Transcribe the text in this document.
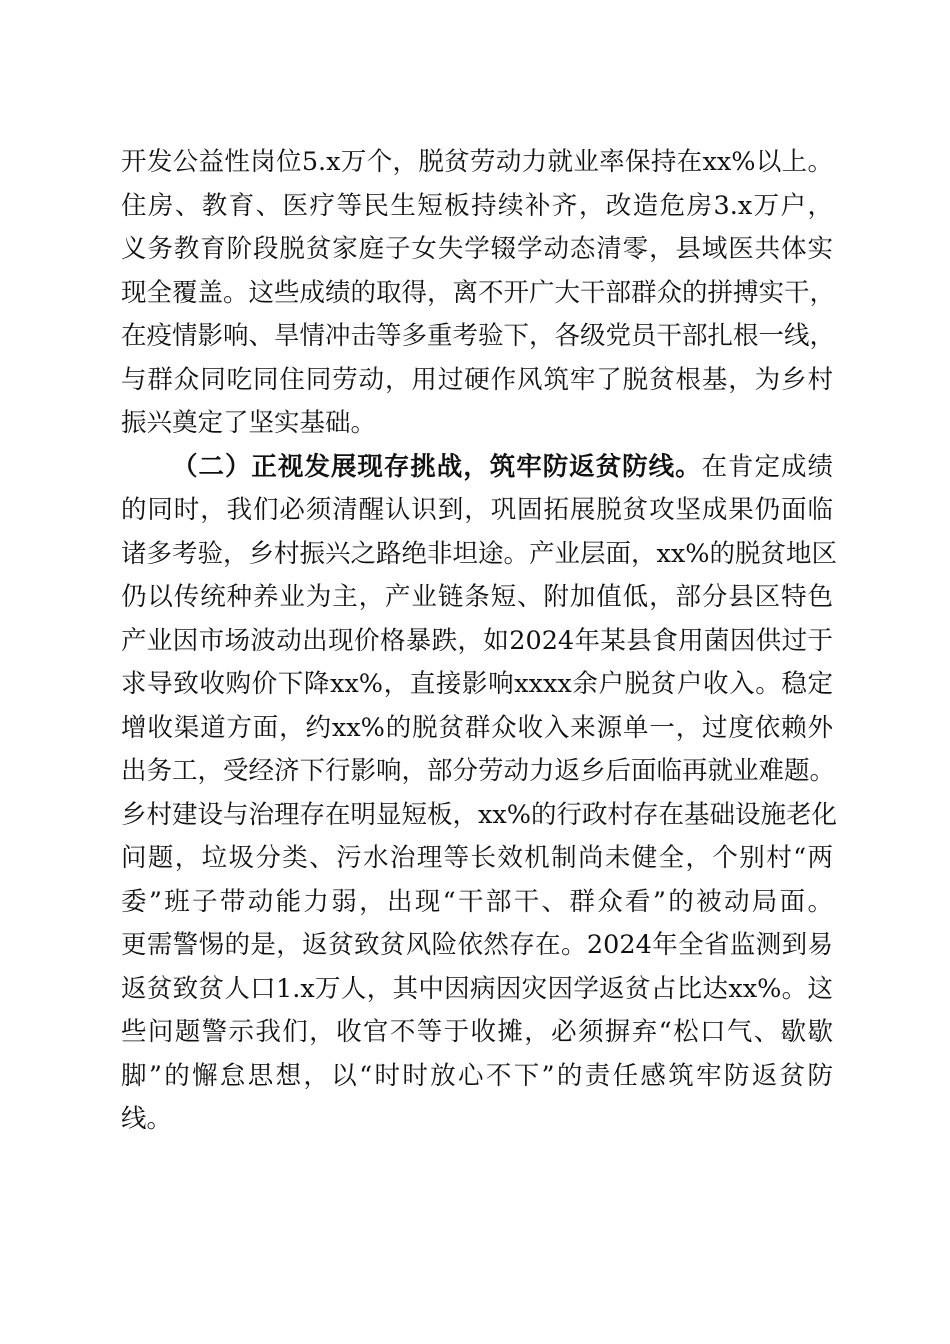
开发公益性岗位5.x万个，脱贫劳动力就业率保持在xx%以上。
住房、教育、医疗等民生短板持续补齐，改造危房3.x万户，
义务教育阶段脱贫家庭子女失学辍学动态清零，县域医共体实
现全覆盖。这些成绩的取得，离不开广大干部群众的拼搏实干，
在疫情影响、旱情冲击等多重考验下，各级党员干部扎根一线，
与群众同吃同住同劳动，用过硬作风筑牢了脱贫根基，为乡村
振兴奠定了坚实基础。
（二）正视发展现存挑战，筑牢防返贫防线。在肯定成绩
的同时，我们必须清醒认识到，巩固拓展脱贫攻坚成果仍面临
诸多考验，乡村振兴之路绝非坦途。产业层面，xx%的脱贫地区
仍以传统种养业为主，产业链条短、附加值低，部分县区特色
产业因市场波动出现价格暴跌，如2024年某县食用菌因供过于
求导致收购价下降xx%，直接影响xxxx余户脱贫户收入。稳定
增收渠道方面，约xx%的脱贫群众收入来源单一，过度依赖外
出务工，受经济下行影响，部分劳动力返乡后面临再就业难题。
乡村建设与治理存在明显短板，xx%的行政村存在基础设施老化
问题，垃圾分类、污水治理等长效机制尚未健全，个别村“两
委”班子带动能力弱，出现“干部干、群众看”的被动局面。
更需警惕的是，返贫致贫风险依然存在。2024年全省监测到易
返贫致贫人口1.x万人，其中因病因灾因学返贫占比达xx%。这
些问题警示我们，收官不等于收摊，必须摒弃“松口气、歇歇
脚”的懈怠思想，以“时时放心不下”的责任感筑牢防返贫防
线。
